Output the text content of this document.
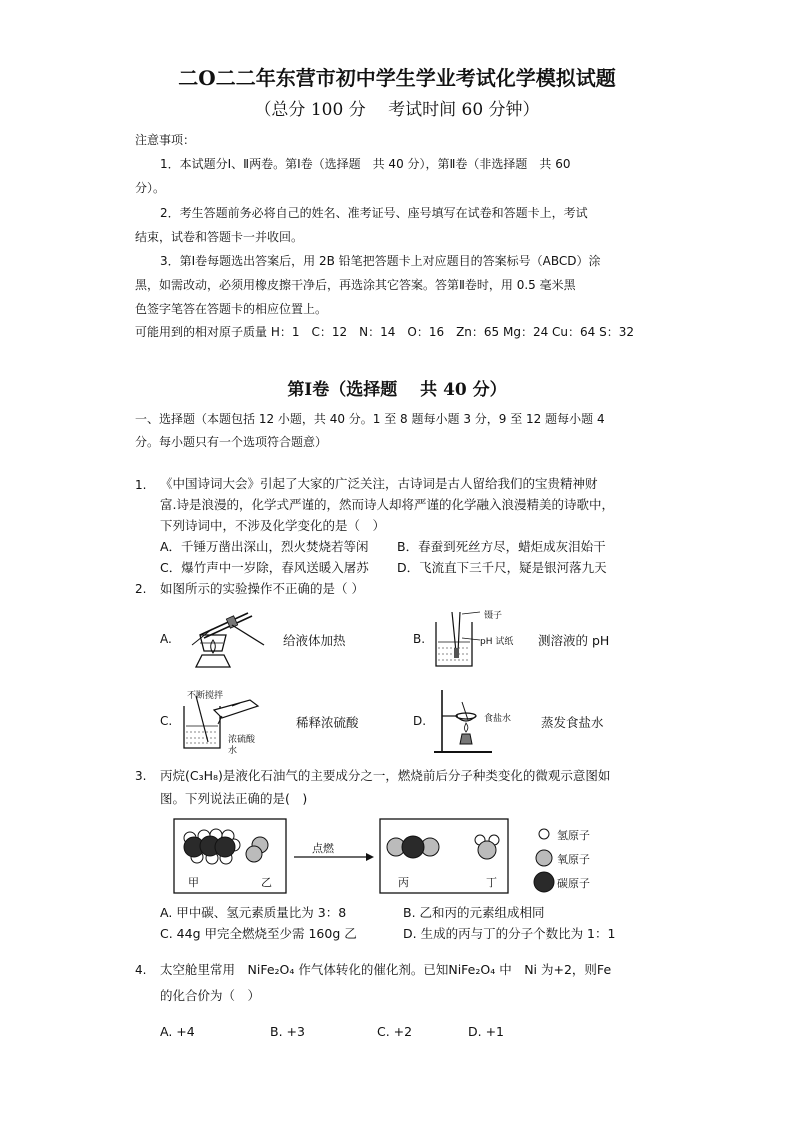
二O二二年东营市初中学生学业考试化学模拟试题
（总分 100 分　 考试时间 60 分钟）
注意事项：
1．本试题分Ⅰ、Ⅱ两卷。第Ⅰ卷（选择题　共 40 分），第Ⅱ卷（非选择题　共 60
分）。
2．考生答题前务必将自己的姓名、准考证号、座号填写在试卷和答题卡上，考试
结束，试卷和答题卡一并收回。
3．第Ⅰ卷每题选出答案后，用 2B 铅笔把答题卡上对应题目的答案标号（ABCD）涂
黑，如需改动，必须用橡皮擦干净后，再选涂其它答案。答第Ⅱ卷时，用 0.5 毫米黑
色签字笔答在答题卡的相应位置上。
可能用到的相对原子质量 H：1　C：12　N：14　O：16　Zn：65 Mg：24 Cu：64 S：32
第Ⅰ卷（选择题　 共 40 分）
一、选择题（本题包括 12 小题，共 40 分。1 至 8 题每小题 3 分，9 至 12 题每小题 4
分。每小题只有一个选项符合题意）
1. 《中国诗词大会》引起了大家的广泛关注，古诗词是古人留给我们的宝贵精神财
富.诗是浪漫的，化学式严谨的，然而诗人却将严谨的化学融入浪漫精美的诗歌中，
下列诗词中，不涉及化学变化的是（　）
A．千锤万凿出深山，烈火焚烧若等闲 B．春蚕到死丝方尽，蜡炬成灰泪始干
C．爆竹声中一岁除，春风送暖入屠苏 D．飞流直下三千尺，疑是银河落九天
2. 如图所示的实验操作不正确的是（ ）
A.	给液体加热	B.
镊子
pH 试纸 测溶液的 pH
C.
不断搅拌
浓硫酸
水
稀释浓硫酸	D.	食盐水 蒸发食盐水
3. 丙烷(C₃H₈)是液化石油气的主要成分之一，燃烧前后分子种类变化的微观示意图如
图。下列说法正确的是(　)
甲	乙	丙	丁
点燃
氢原子
氧原子
碳原子
A. 甲中碳、氢元素质量比为 3：8	B. 乙和丙的元素组成相同
C. 44g 甲完全燃烧至少需 160g 乙	D. 生成的丙与丁的分子个数比为 1：1
4. 太空舱里常用　NiFe₂O₄ 作气体转化的催化剂。已知NiFe₂O₄ 中　Ni 为+2，则Fe
的化合价为（　）
A. +4	B. +3	C. +2	D. +1
